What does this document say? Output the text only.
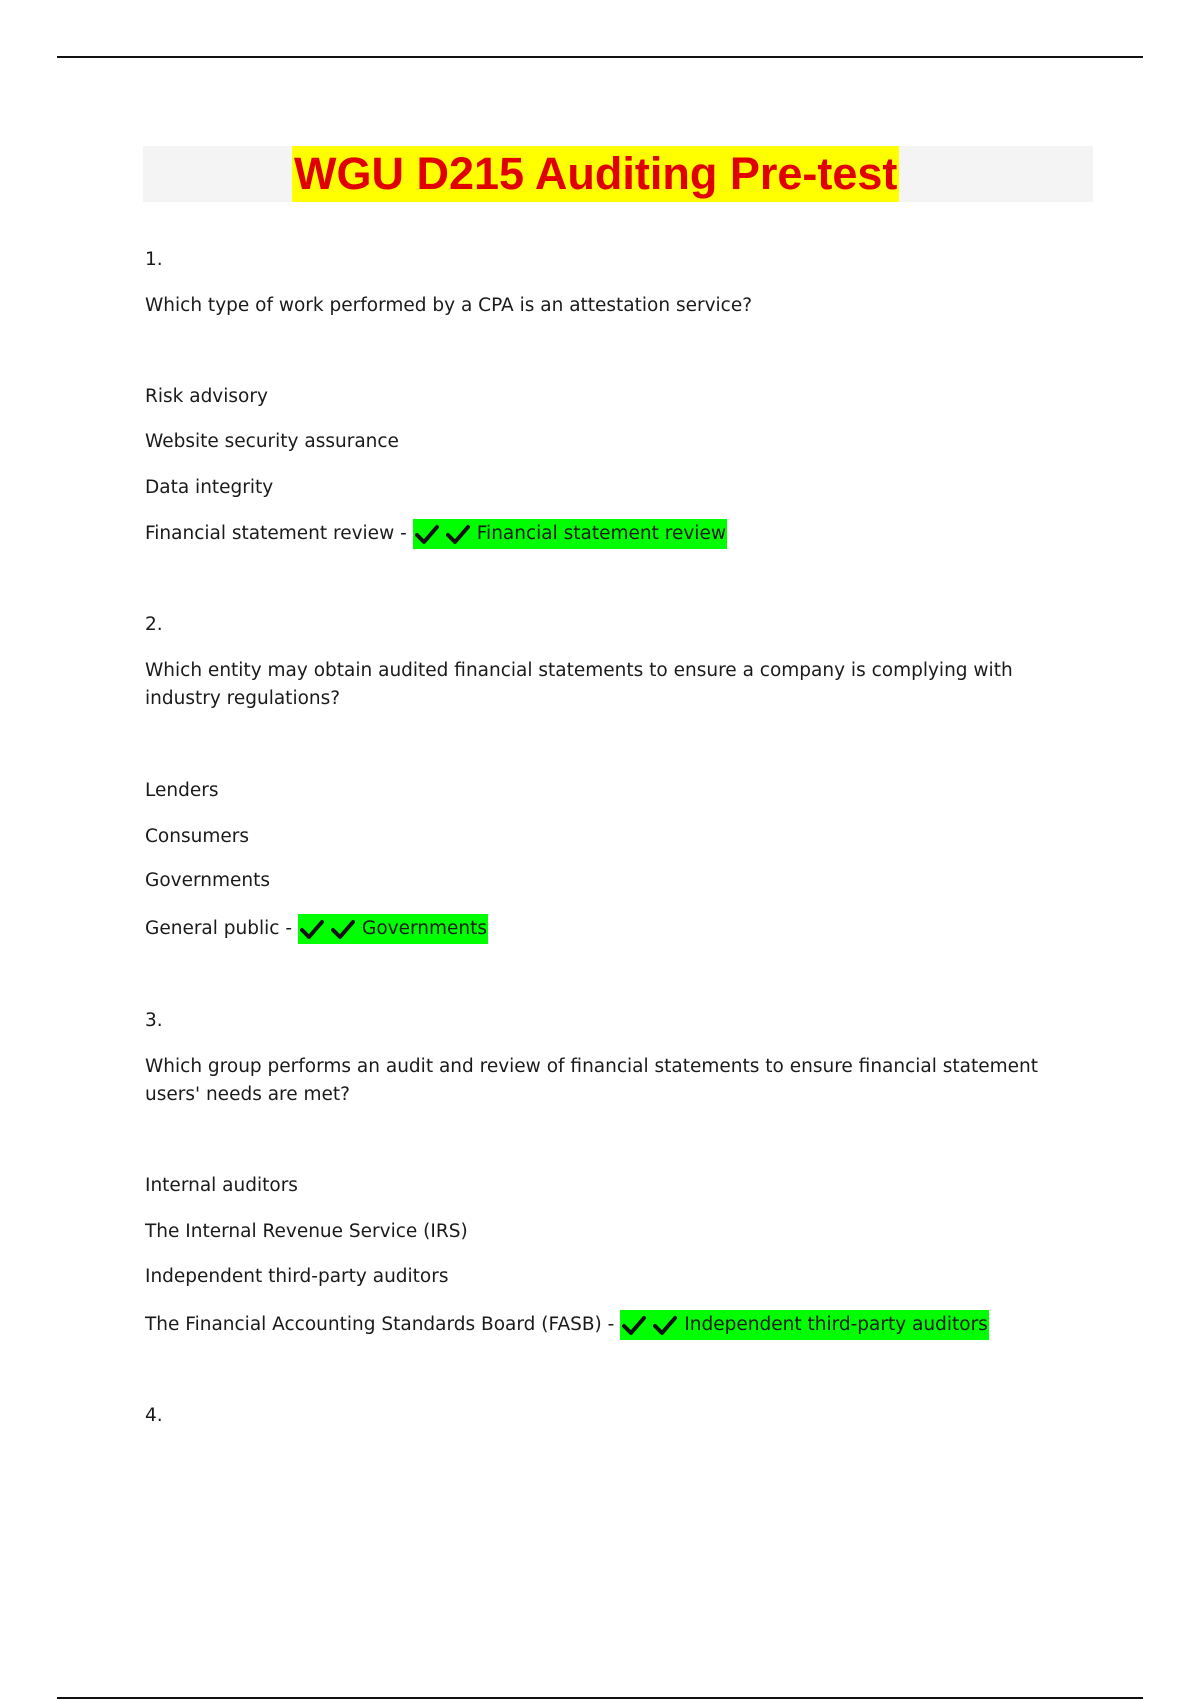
WGU D215 Auditing Pre-test
1.
Which type of work performed by a CPA is an attestation service?
Risk advisory
Website security assurance
Data integrity
Financial statement review -	Financial statement review
2.
Which entity may obtain audited financial statements to ensure a company is complying with industry regulations?
Lenders
Consumers
Governments
General public -	Governments
3.
Which group performs an audit and review of financial statements to ensure financial statement users' needs are met?
Internal auditors
The Internal Revenue Service (IRS)
Independent third-party auditors
The Financial Accounting Standards Board (FASB) -	Independent third-party auditors
4.
